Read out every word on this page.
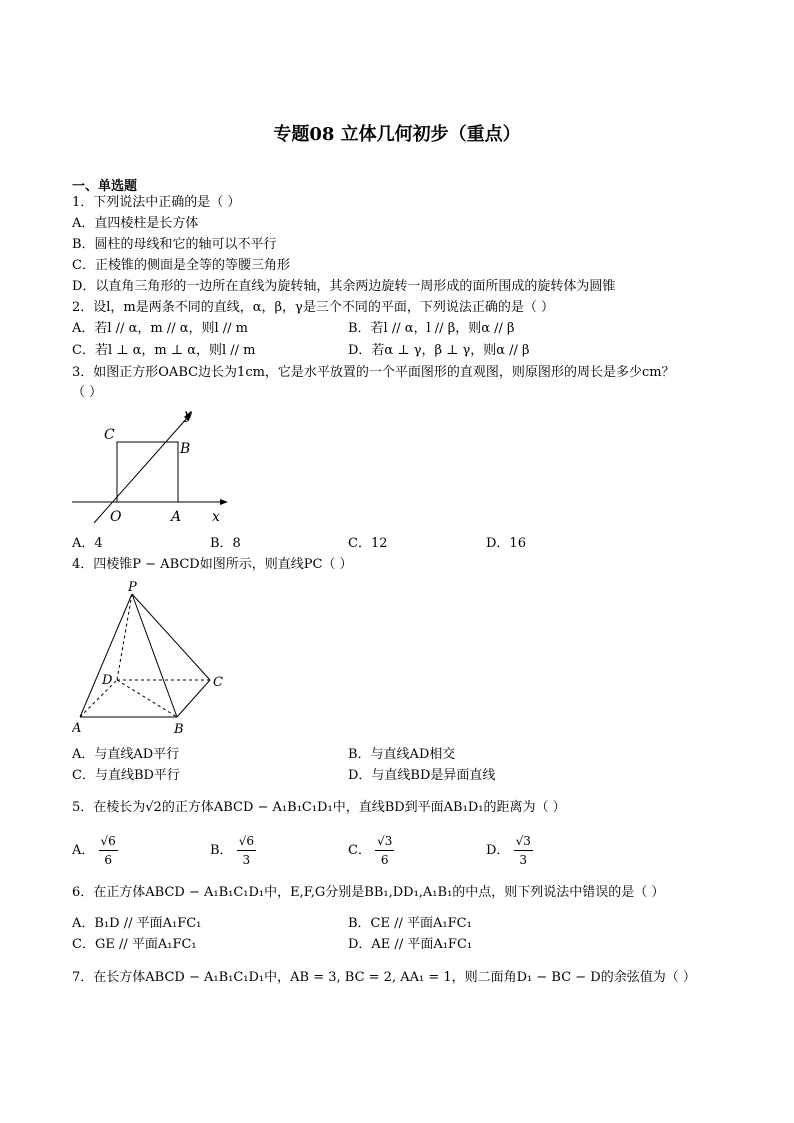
专题08 立体几何初步（重点）
一、单选题
1．下列说法中正确的是（ ）
A．直四棱柱是长方体
B．圆柱的母线和它的轴可以不平行
C．正棱锥的侧面是全等的等腰三角形
D．以直角三角形的一边所在直线为旋转轴，其余两边旋转一周形成的面所围成的旋转体为圆锥
2．设l，m是两条不同的直线，α，β，γ是三个不同的平面，下列说法正确的是（ ）
A．若l // α，m // α，则l // m	B．若l // α，l // β，则α // β
C．若l ⊥ α，m ⊥ α，则l // m	D．若α ⊥ γ，β ⊥ γ，则α // β
3．如图正方形OABC边长为1cm，它是水平放置的一个平面图形的直观图，则原图形的周长是多少cm？
（ ）
y
x
C
B
O	A
A．4	B．8	C．12	D．16
4．四棱锥P − ABCD如图所示，则直线PC（ ）
P
D	C
A	B
A．与直线AD平行	B．与直线AD相交
C．与直线BD平行	D．与直线BD是异面直线
5．在棱长为√2的正方体ABCD − A₁B₁C₁D₁中，直线BD到平面AB₁D₁的距离为（ ）
A． $\frac{√6}{6}$	B． $\frac{√6}{3}$	C． $\frac{√3}{6}$	D． $\frac{√3}{3}$
6．在正方体ABCD − A₁B₁C₁D₁中，E,F,G分别是BB₁,DD₁,A₁B₁的中点，则下列说法中错误的是（ ）
A．B₁D // 平面A₁FC₁	B．CE // 平面A₁FC₁
C．GE // 平面A₁FC₁	D．AE // 平面A₁FC₁
7．在长方体ABCD − A₁B₁C₁D₁中，AB = 3, BC = 2, AA₁ = 1，则二面角D₁ − BC − D的余弦值为（ ）
